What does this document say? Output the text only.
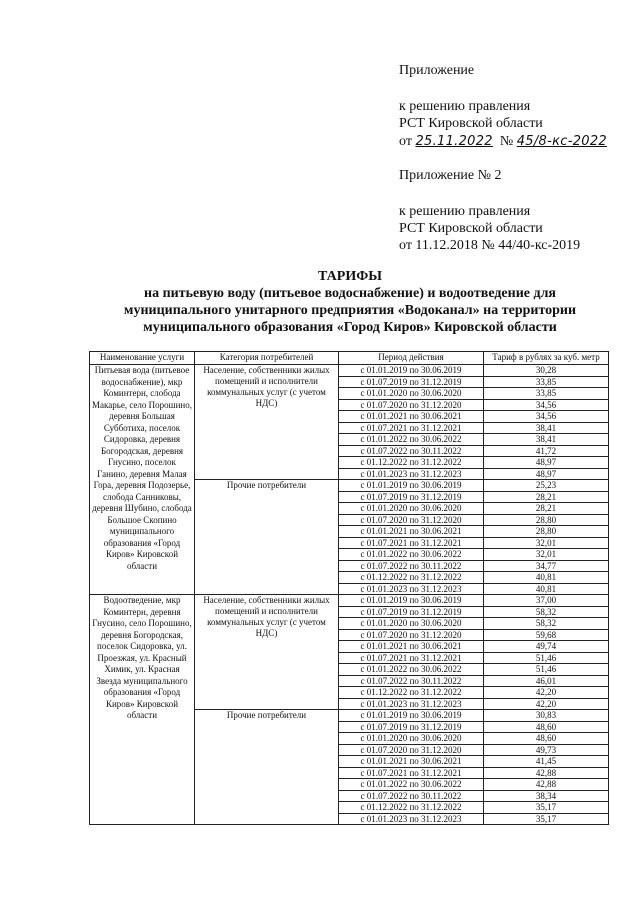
Приложение
к решению правления
РСТ Кировской области
от 25.11.2022 № 45/8-кс-2022
Приложение № 2
к решению правления
РСТ Кировской области
от 11.12.2018 № 44/40-кс-2019
ТАРИФЫ
на питьевую воду (питьевое водоснабжение) и водоотведение для
муниципального унитарного предприятия «Водоканал» на территории
муниципального образования «Город Киров» Кировской области
Наименование услуги	Категория потребителей	Период действия	Тариф в рублях за куб. метр
Питьевая вода (питьевое водоснабжение), мкр Коминтерн, слобода Макарье, село Порошино, деревня Большая Субботиха, поселок Сидоровка, деревня Богородская, деревня Гнусино, поселок Ганино, деревня Малая Гора, деревня Подозерье, слобода Санниковы, деревня Шубино, слобода Большое Скопино муниципального образования «Город Киров» Кировской области	Население, собственники жилых помещений и исполнители коммунальных услуг (с учетом НДС)	с 01.01.2019 по 30.06.2019	30,28
		с 01.07.2019 по 31.12.2019	33,85
		с 01.01.2020 по 30.06.2020	33,85
		с 01.07.2020 по 31.12.2020	34,56
		с 01.01.2021 по 30.06.2021	34,56
		с 01.07.2021 по 31.12.2021	38,41
		с 01.01.2022 по 30.06.2022	38,41
		с 01.07.2022 по 30.11.2022	41,72
		с 01.12.2022 по 31.12.2022	48,97
		с 01.01.2023 по 31.12.2023	48,97
	Прочие потребители	с 01.01.2019 по 30.06.2019	25,23
		с 01.07.2019 по 31.12.2019	28,21
		с 01.01.2020 по 30.06.2020	28,21
		с 01.07.2020 по 31.12.2020	28,80
		с 01.01.2021 по 30.06.2021	28,80
		с 01.07.2021 по 31.12.2021	32,01
		с 01.01.2022 по 30.06.2022	32,01
		с 01.07.2022 по 30.11.2022	34,77
		с 01.12.2022 по 31.12.2022	40,81
		с 01.01.2023 по 31.12.2023	40,81
Водоотведение, мкр Коминтерн, деревня Гнусино, село Порошино, деревня Богородская, поселок Сидоровка, ул. Проезжая, ул. Красный Химик, ул. Красная Звезда муниципального образования «Город Киров» Кировской области	Население, собственники жилых помещений и исполнители коммунальных услуг (с учетом НДС)	с 01.01.2019 по 30.06.2019	37,00
		с 01.07.2019 по 31.12.2019	58,32
		с 01.01.2020 по 30.06.2020	58,32
		с 01.07.2020 по 31.12.2020	59,68
		с 01.01.2021 по 30.06.2021	49,74
		с 01.07.2021 по 31.12.2021	51,46
		с 01.01.2022 по 30.06.2022	51,46
		с 01.07.2022 по 30.11.2022	46,01
		с 01.12.2022 по 31.12.2022	42,20
		с 01.01.2023 по 31.12.2023	42,20
	Прочие потребители	с 01.01.2019 по 30.06.2019	30,83
		с 01.07.2019 по 31.12.2019	48,60
		с 01.01.2020 по 30.06.2020	48,60
		с 01.07.2020 по 31.12.2020	49,73
		с 01.01.2021 по 30.06.2021	41,45
		с 01.07.2021 по 31.12.2021	42,88
		с 01.01.2022 по 30.06.2022	42,88
		с 01.07.2022 по 30.11.2022	38,34
		с 01.12.2022 по 31.12.2022	35,17
		с 01.01.2023 по 31.12.2023	35,17
